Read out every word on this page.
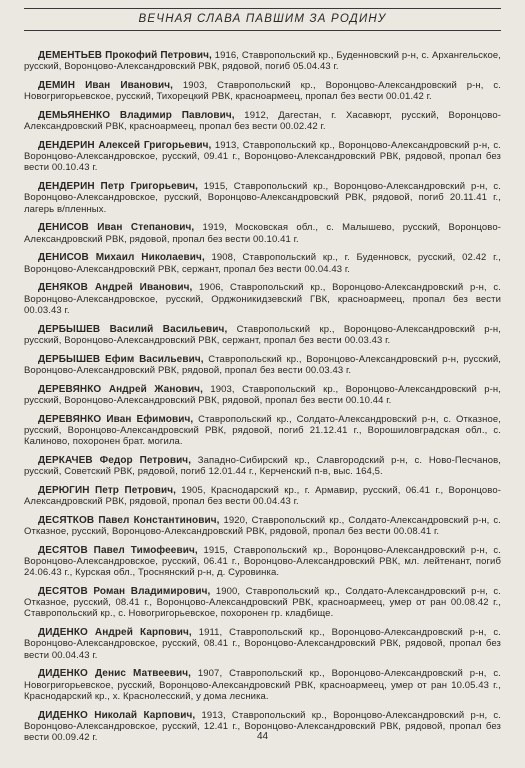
ВЕЧНАЯ СЛАВА ПАВШИМ ЗА РОДИНУ

ДЕМЕНТЬЕВ Прокофий Петрович, 1916, Ставропольский кр., Буденновский р-н, с. Архангельское, русский, Воронцово-Александровский РВК, рядовой, погиб 05.04.43 г.

ДЕМИН Иван Иванович, 1903, Ставропольский кр., Воронцово-Александровский р-н, с. Новогригорьевское, русский, Тихорецкий РВК, красноармеец, пропал без вести 00.01.42 г.

ДЕМЬЯНЕНКО Владимир Павлович, 1912, Дагестан, г. Хасавюрт, русский, Воронцово-Александровский РВК, красноармеец, пропал без вести 00.02.42 г.

ДЕНДЕРИН Алексей Григорьевич, 1913, Ставропольский кр., Воронцово-Александровский р-н, с. Воронцово-Александровское, русский, 09.41 г., Воронцово-Александровский РВК, рядовой, пропал без вести 00.10.43 г.

ДЕНДЕРИН Петр Григорьевич, 1915, Ставропольский кр., Воронцово-Александровский р-н, с. Воронцово-Александровское, русский, Воронцово-Александровский РВК, рядовой, погиб 20.11.41 г., лагерь в/пленных.

ДЕНИСОВ Иван Степанович, 1919, Московская обл., с. Малышево, русский, Воронцово-Александровский РВК, рядовой, пропал без вести 00.10.41 г.

ДЕНИСОВ Михаил Николаевич, 1908, Ставропольский кр., г. Буденновск, русский, 02.42 г., Воронцово-Александровский РВК, сержант, пропал без вести 00.04.43 г.

ДЕНЯКОВ Андрей Иванович, 1906, Ставропольский кр., Воронцово-Александровский р-н, с. Воронцово-Александровское, русский, Орджоникидзевский ГВК, красноармеец, пропал без вести 00.03.43 г.

ДЕРБЫШЕВ Василий Васильевич, Ставропольский кр., Воронцово-Александровский р-н, русский, Воронцово-Александровский РВК, сержант, пропал без вести 00.03.43 г.

ДЕРБЫШЕВ Ефим Васильевич, Ставропольский кр., Воронцово-Александровский р-н, русский, Воронцово-Александровский РВК, рядовой, пропал без вести 00.03.43 г.

ДЕРЕВЯНКО Андрей Жанович, 1903, Ставропольский кр., Воронцово-Александровский р-н, русский, Воронцово-Александровский РВК, рядовой, пропал без вести 00.10.44 г.

ДЕРЕВЯНКО Иван Ефимович, Ставропольский кр., Солдато-Александровский р-н, с. Отказное, русский, Воронцово-Александровский РВК, рядовой, погиб 21.12.41 г., Ворошиловградская обл., с. Калиново, похоронен брат. могила.

ДЕРКАЧЕВ Федор Петрович, Западно-Сибирский кр., Славгородский р-н, с. Ново-Песчанов, русский, Советский РВК, рядовой, погиб 12.01.44 г., Керченский п-в, выс. 164,5.

ДЕРЮГИН Петр Петрович, 1905, Краснодарский кр., г. Армавир, русский, 06.41 г., Воронцово-Александровский РВК, рядовой, пропал без вести 00.04.43 г.

ДЕСЯТКОВ Павел Константинович, 1920, Ставропольский кр., Солдато-Александровский р-н, с. Отказное, русский, Воронцово-Александровский РВК, рядовой, пропал без вести 00.08.41 г.

ДЕСЯТОВ Павел Тимофеевич, 1915, Ставропольский кр., Воронцово-Александровский р-н, с. Воронцово-Александровское, русский, 06.41 г., Воронцово-Александровский РВК, мл. лейтенант, погиб 24.06.43 г., Курская обл., Троснянский р-н, д. Суровинка.

ДЕСЯТОВ Роман Владимирович, 1900, Ставропольский кр., Солдато-Александровский р-н, с. Отказное, русский, 08.41 г., Воронцово-Александровский РВК, красноармеец, умер от ран 00.08.42 г., Ставропольский кр., с. Новогригорьевское, похоронен гр. кладбище.

ДИДЕНКО Андрей Карпович, 1911, Ставропольский кр., Воронцово-Александровский р-н, с. Воронцово-Александровское, русский, 08.41 г., Воронцово-Александровский РВК, рядовой, пропал без вести 00.04.43 г.

ДИДЕНКО Денис Матвеевич, 1907, Ставропольский кр., Воронцово-Александровский р-н, с. Новогригорьевское, русский, Воронцово-Александровский РВК, красноармеец, умер от ран 10.05.43 г., Краснодарский кр., х. Краснолесский, у дома лесника.

ДИДЕНКО Николай Карпович, 1913, Ставропольский кр., Воронцово-Александровский р-н, с. Воронцово-Александровское, русский, 12.41 г., Воронцово-Александровский РВК, рядовой, пропал без вести 00.09.42 г.	44
